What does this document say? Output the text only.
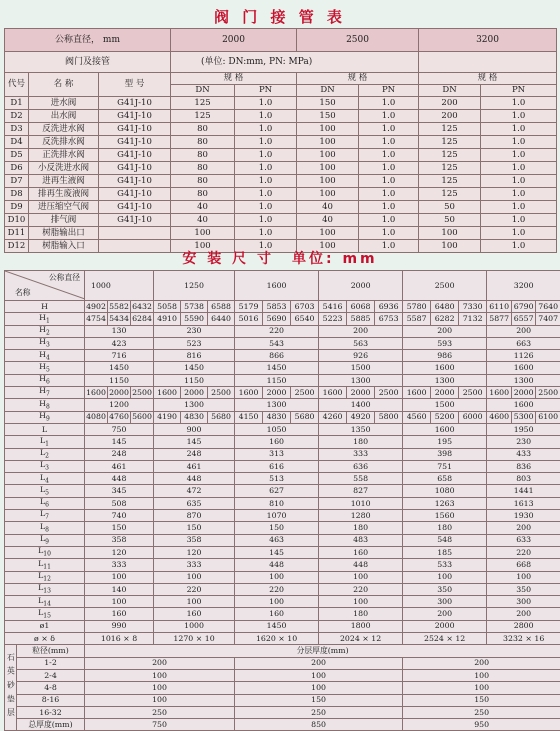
阀 门 接 管 表
公称直径， mm			2000		2500		3200	
阀门及接管			(单位: DN:mm, PN: MPa)					
代号	名 称	型 号	规 格		规 格		规 格	
			DN	PN	DN	PN	DN	PN
D1	进水阀	G41J-10	125	1.0	150	1.0	200	1.0
D2	出水阀	G41J-10	125	1.0	150	1.0	200	1.0
D3	反洗进水阀	G41J-10	80	1.0	100	1.0	125	1.0
D4	反洗排水阀	G41J-10	80	1.0	100	1.0	125	1.0
D5	正洗排水阀	G41J-10	80	1.0	100	1.0	125	1.0
D6	小反洗进水阀	G41J-10	80	1.0	100	1.0	125	1.0
D7	进再生液阀	G41J-10	80	1.0	100	1.0	125	1.0
D8	排再生废液阀	G41J-10	80	1.0	100	1.0	125	1.0
D9	进压缩空气阀	G41J-10	40	1.0	40	1.0	50	1.0
D10	排气阀	G41J-10	40	1.0	40	1.0	50	1.0
D11	树脂输出口		100	1.0	100	1.0	100	1.0
D12	树脂输入口		100	1.0	100	1.0	100	1.0
安 装 尺 寸 单位: mm
公称直径
名称		1000			1250			1600			2000			2500			3200		
H		4902	5582	6432	5058	5738	6588	5179	5853	6703	5416	6068	6936	5780	6480	7330	6110	6790	7640
$H_1$		4754	5434	6284	4910	5590	6440	5016	5690	6540	5223	5885	6753	5587	6282	7132	5877	6557	7407
$H_2$		130			230			220			200			200			200		
$H_3$		423			523			543			563			593			663		
$H_4$		716			816			866			926			986			1126		
$H_5$		1450			1450			1450			1500			1600			1600		
$H_6$		1150			1150			1150			1300			1300			1300		
$H_7$		1600	2000	2500	1600	2000	2500	1600	2000	2500	1600	2000	2500	1600	2000	2500	1600	2000	2500
$H_8$		1200			1300			1300			1400			1500			1600		
$H_9$		4080	4760	5600	4190	4830	5680	4150	4830	5680	4260	4920	5800	4560	5200	6000	4600	5300	6100
L		750			900			1050			1350			1600			1950		
$L_1$		145			145			160			180			195			230		
$L_2$		248			248			313			333			398			433		
$L_3$		461			461			616			636			751			836		
$L_4$		448			448			513			558			658			803		
$L_5$		345			472			627			827			1080			1441		
$L_6$		508			635			810			1010			1263			1613		
$L_7$		740			870			1070			1280			1560			1930		
$L_8$		150			150			150			180			180			200		
$L_9$		358			358			463			483			548			633		
$L_{10}$		120			120			145			160			185			220		
$L_{11}$		333			333			448			448			533			668		
$L_{12}$		100			100			100			100			100			100		
$L_{13}$		140			220			220			220			350			350		
$L_{14}$		100			100			100			100			300			300		
$L_{15}$		160			160			160			180			200			200		
ø1		990			1000			1450			1800			2000			2800		
ø × δ		1016 × 8			1270 × 10			1620 × 10			2024 × 12			2524 × 12			3232 × 16		
石英砂垫层	粒径(mm)	分层厚度(mm)																	
	1-2	200						200						200					
	2-4	100						100						100					
	4-8	100						100						100					
	8-16	100						150						150					
	16-32	250						250						250					
	总厚度(mm)	750						850						950					
